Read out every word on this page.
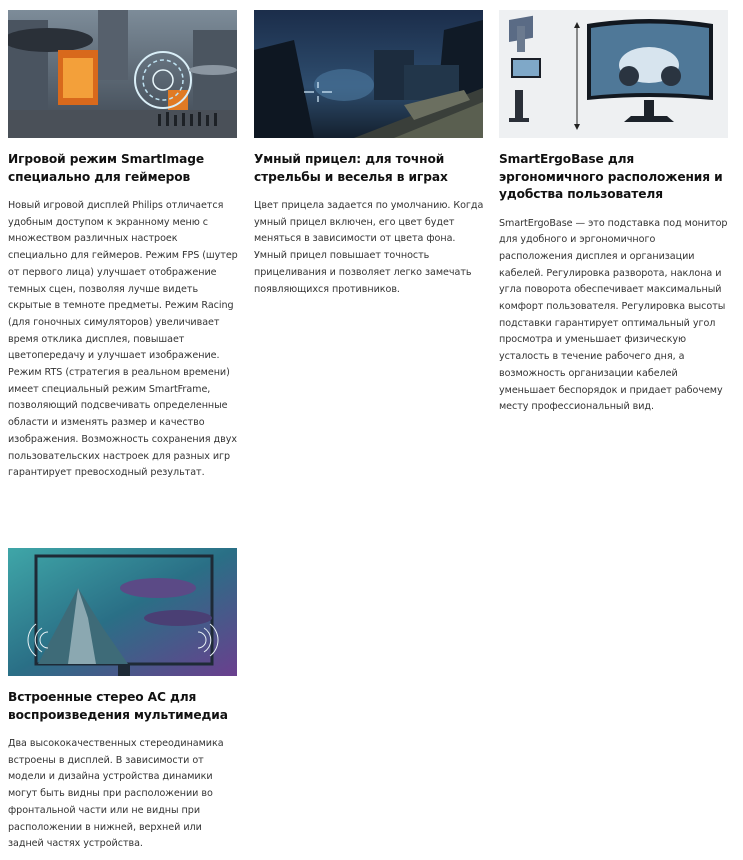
Игровой режим SmartImage специально для геймеров
Новый игровой дисплей Philips отличается удобным доступом к экранному меню с множеством различных настроек специально для геймеров. Режим FPS (шутер от первого лица) улучшает отображение темных сцен, позволяя лучше видеть скрытые в темноте предметы. Режим Racing (для гоночных симуляторов) увеличивает время отклика дисплея, повышает цветопередачу и улучшает изображение. Режим RTS (стратегия в реальном времени) имеет специальный режим SmartFrame, позволяющий подсвечивать определенные области и изменять размер и качество изображения. Возможность сохранения двух пользовательских настроек для разных игр гарантирует превосходный результат.
Умный прицел: для точной стрельбы и веселья в играх
Цвет прицела задается по умолчанию. Когда умный прицел включен, его цвет будет меняться в зависимости от цвета фона. Умный прицел повышает точность прицеливания и позволяет легко замечать появляющихся противников.
SmartErgoBase для эргономичного расположения и удобства пользователя
SmartErgoBase — это подставка под монитор для удобного и эргономичного расположения дисплея и организации кабелей. Регулировка разворота, наклона и угла поворота обеспечивает максимальный комфорт пользователя. Регулировка высоты подставки гарантирует оптимальный угол просмотра и уменьшает физическую усталость в течение рабочего дня, а возможность организации кабелей уменьшает беспорядок и придает рабочему месту профессиональный вид.
Встроенные стерео АС для воспроизведения мультимедиа
Два высококачественных стереодинамика встроены в дисплей. В зависимости от модели и дизайна устройства динамики могут быть видны при расположении во фронтальной части или не видны при расположении в нижней, верхней или задней частях устройства.
